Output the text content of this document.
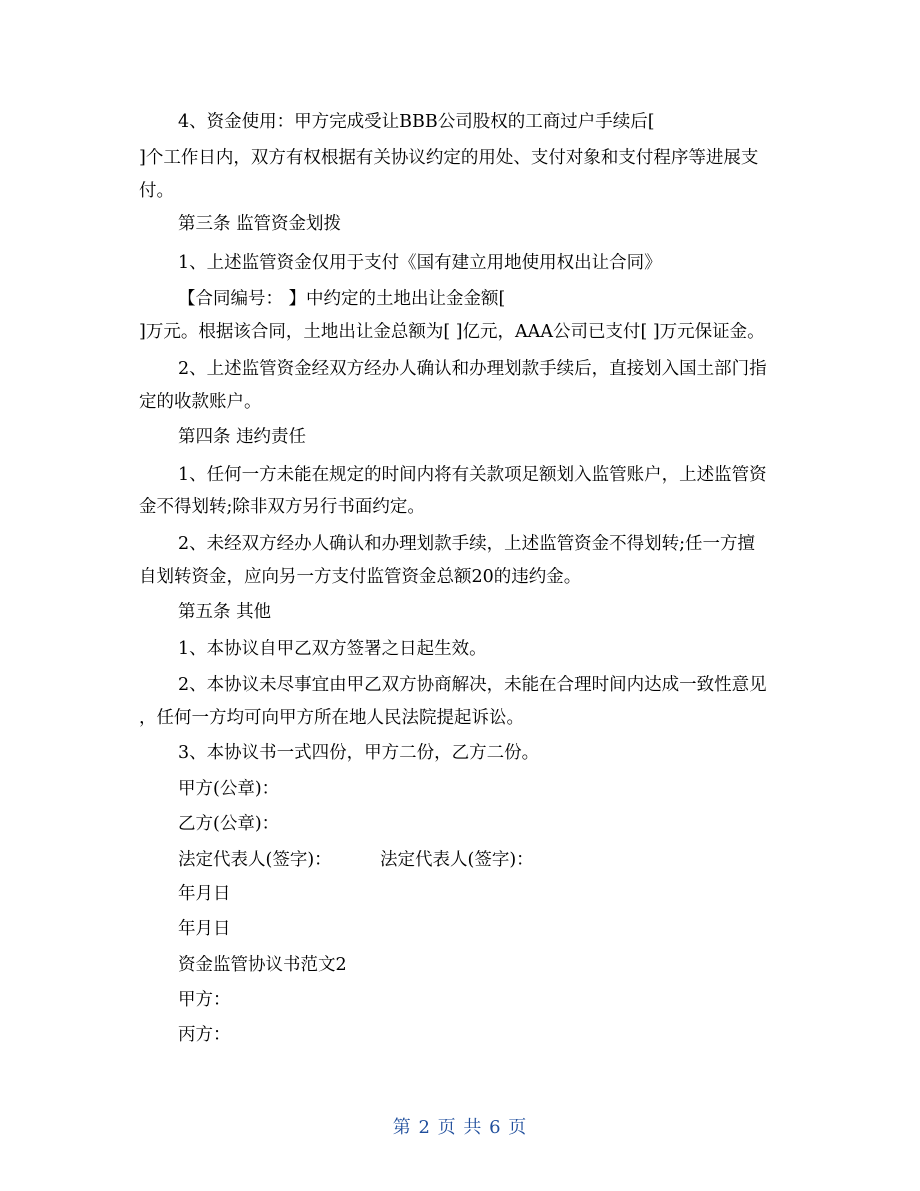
4、资金使用：甲方完成受让BBB公司股权的工商过户手续后[
]个工作日内，双方有权根据有关协议约定的用处、支付对象和支付程序等进展支
付。
第三条 监管资金划拨
1、上述监管资金仅用于支付《国有建立用地使用权出让合同》
【合同编号： 】中约定的土地出让金金额[
]万元。根据该合同，土地出让金总额为[ ]亿元，AAA公司已支付[ ]万元保证金。
2、上述监管资金经双方经办人确认和办理划款手续后，直接划入国土部门指
定的收款账户。
第四条 违约责任
1、任何一方未能在规定的时间内将有关款项足额划入监管账户，上述监管资
金不得划转;除非双方另行书面约定。
2、未经双方经办人确认和办理划款手续，上述监管资金不得划转;任一方擅
自划转资金，应向另一方支付监管资金总额20的违约金。
第五条 其他
1、本协议自甲乙双方签署之日起生效。
2、本协议未尽事宜由甲乙双方协商解决，未能在合理时间内达成一致性意见
，任何一方均可向甲方所在地人民法院提起诉讼。
3、本协议书一式四份，甲方二份，乙方二份。
甲方(公章)：
乙方(公章)：
法定代表人(签字)：	法定代表人(签字)：
年月日
年月日
资金监管协议书范文2
甲方：
丙方：
第 2 页 共 6 页
